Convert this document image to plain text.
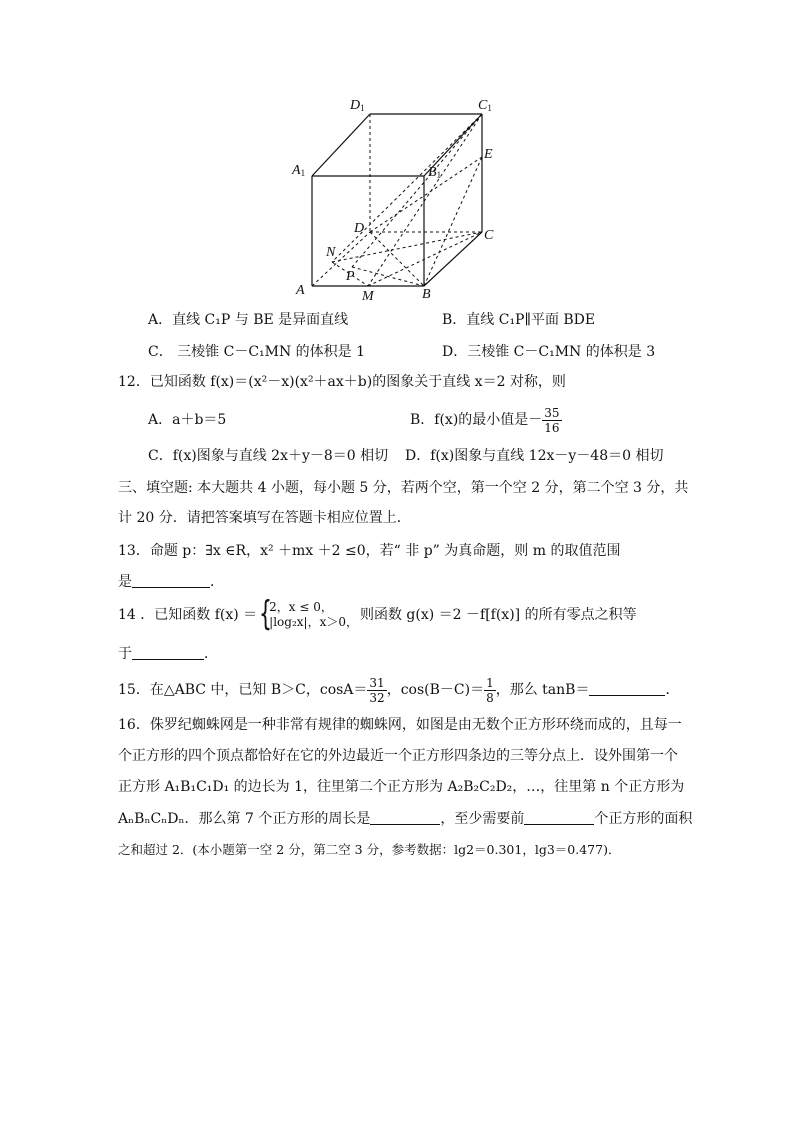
$D_1$	$C_1$
$A_1$	$B_1$
E
D	C
N
A
P
M	B
A．直线 C₁P 与 BE 是异面直线	B．直线 C₁P∥平面 BDE
C． 三棱锥 C－C₁MN 的体积是 1	D．三棱锥 C－C₁MN 的体积是 3
12．已知函数 f(x)＝(x²－x)(x²＋ax＋b)的图象关于直线 x＝2 对称，则
A．a＋b＝5	B．f(x)的最小值是－ $\frac{35}{16}$
C．f(x)图象与直线 2x＋y－8＝0 相切 D．f(x)图象与直线 12x－y－48＝0 相切
三、填空题: 本大题共 4 小题，每小题 5 分，若两个空，第一个空 2 分，第二个空 3 分，共
计 20 分．请把答案填写在答题卡相应位置上．
13．命题 p：∃x ∈R，x² ＋mx ＋2 ≤0，若“ 非 p” 为真命题，则 m 的取值范围
是	．
14 ．已知函数 f(x) ＝ {
2，x ≤ 0，
|log₂x|，x＞0， 则函数 g(x) ＝2 －f[f(x)] 的所有零点之积等
于	．
15．在△ABC 中，已知 B＞C，$\cos A= \frac{31}{32}$ ，$\cos(B-C)= \frac{1}{8}$ ，那么 tanB＝	．
16．侏罗纪蜘蛛网是一种非常有规律的蜘蛛网，如图是由无数个正方形环绕而成的，且每一
个正方形的四个顶点都恰好在它的外边最近一个正方形四条边的三等分点上．设外围第一个
正方形 A₁B₁C₁D₁ 的边长为 1，往里第二个正方形为 A₂B₂C₂D₂，…，往里第 n 个正方形为
AₙBₙCₙDₙ．那么第 7 个正方形的周长是	，至少需要前	个正方形的面积
之和超过 2．(本小题第一空 2 分，第二空 3 分，参考数据：lg2＝0.301，lg3＝0.477)．
